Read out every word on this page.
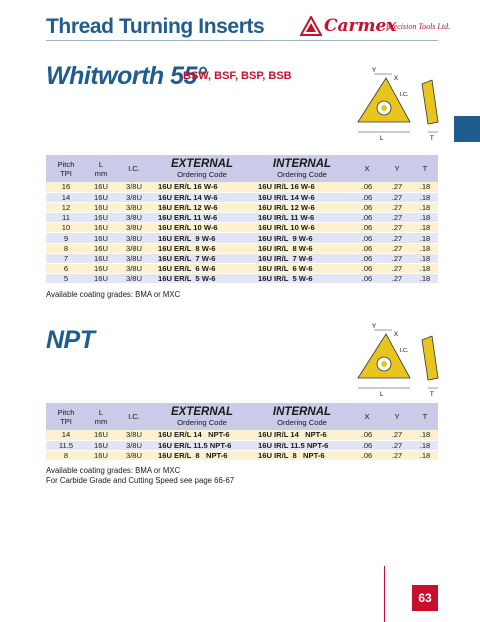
Thread Turning Inserts	Carmex
Precision Tools Ltd.
Whitworth 55°
BSW, BSF, BSP, BSB	Y
X
I.C.
L	T
Pitch
TPI	L
mm	I.C.	EXTERNAL
Ordering Code	INTERNAL
Ordering Code	X	Y	T

16	16U	3/8U	16U ER/L 16 W-6	16U IR/L 16 W-6	.06	.27	.18
14	16U	3/8U	16U ER/L 14 W-6	16U IR/L 14 W-6	.06	.27	.18
12	16U	3/8U	16U ER/L 12 W-6	16U IR/L 12 W-6	.06	.27	.18
11	16U	3/8U	16U ER/L 11 W-6	16U IR/L 11 W-6	.06	.27	.18
10	16U	3/8U	16U ER/L 10 W-6	16U IR/L 10 W-6	.06	.27	.18
9	16U	3/8U	16U ER/L  9 W-6	16U IR/L  9 W-6	.06	.27	.18
8	16U	3/8U	16U ER/L  8 W-6	16U IR/L  8 W-6	.06	.27	.18
7	16U	3/8U	16U ER/L  7 W-6	16U IR/L  7 W-6	.06	.27	.18
6	16U	3/8U	16U ER/L  6 W-6	16U IR/L  6 W-6	.06	.27	.18
5	16U	3/8U	16U ER/L  5 W-6	16U IR/L  5 W-6	.06	.27	.18
Available coating grades: BMA or MXC
NPT	Y
X
I.C.
L	T
Pitch
TPI	L
mm	I.C.	EXTERNAL
Ordering Code	INTERNAL
Ordering Code	X	Y	T

14	16U	3/8U	16U ER/L 14   NPT-6	16U IR/L 14   NPT-6	.06	.27	.18
11.5	16U	3/8U	16U ER/L 11.5 NPT-6	16U IR/L 11.5 NPT-6	.06	.27	.18
8	16U	3/8U	16U ER/L  8   NPT-6	16U IR/L  8   NPT-6	.06	.27	.18
Available coating grades: BMA or MXC
For Carbide Grade and Cutting Speed see page 66-67
63
